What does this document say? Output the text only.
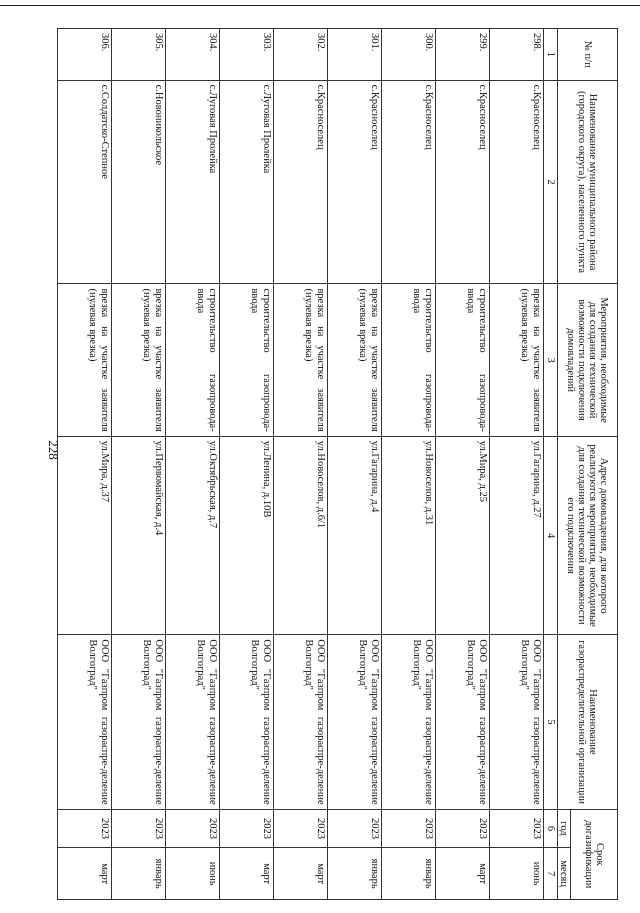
228
№ п/п	Наименование муниципального района (городского округа), населенного пункта	Мероприятия, необходимые для создания технической возможности подключения домовладений	Адрес домовладения, для которого реализуются мероприятия, необходимые для создания технической возможности его подключения	Наименование газораспределительной организации	Срок догазификации	
					год	месяц
1	2	3	4	5	6	7
298.	с.Красноселец	врезка на участке заявителя (нулевая врезка)	ул.Гагарина, д.27	ООО "Газпром газораспре-деление Волгоград"	2023	июнь
299.	с.Красноселец	строительство газопровода-ввода	ул.Мира, д.25	ООО "Газпром газораспре-деление Волгоград"	2023	март
300.	с.Красноселец	строительство газопровода-ввода	ул.Новоселов, д.31	ООО "Газпром газораспре-деление Волгоград"	2023	январь
301.	с.Красноселец	врезка на участке заявителя (нулевая врезка)	ул.Гагарина, д.4	ООО "Газпром газораспре-деление Волгоград"	2023	январь
302.	с.Красноселец	врезка на участке заявителя (нулевая врезка)	ул.Новоселов, д.6/1	ООО "Газпром газораспре-деление Волгоград"	2023	март
303.	с.Луговая Пролейка	строительство газопровода-ввода	ул.Ленина, д.10В	ООО "Газпром газораспре-деление Волгоград"	2023	март
304.	с.Луговая Пролейка	строительство газопровода-ввода	ул.Октябрьская, д.7	ООО "Газпром газораспре-деление Волгоград"	2023	июнь
305.	с.Новоникольское	врезка на участке заявителя (нулевая врезка)	ул.Первомайская, д.4	ООО "Газпром газораспре-деление Волгоград"	2023	январь
306.	с.Солдатско-Степное	врезка на участке заявителя (нулевая врезка)	ул.Мира, д.37	ООО "Газпром газораспре-деление Волгоград"	2023	март
